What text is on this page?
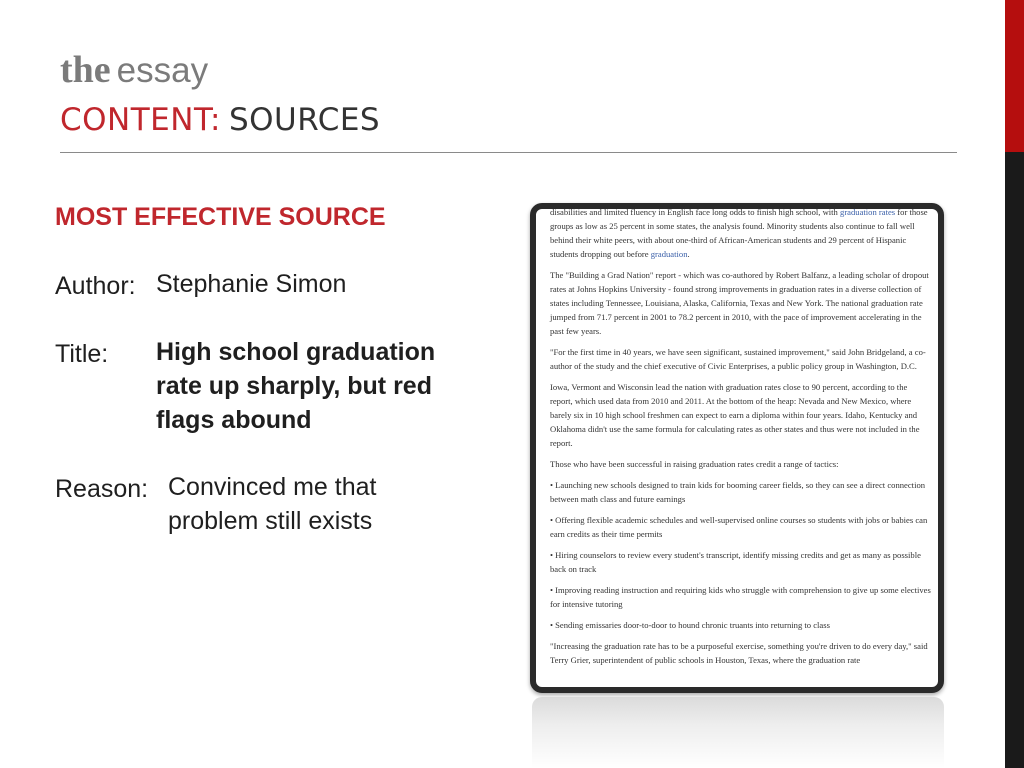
the essay
CONTENT: SOURCES
MOST EFFECTIVE SOURCE
Author: Stephanie Simon
Title: High school graduation rate up sharply, but red flags abound
Reason: Convinced me that problem still exists

disabilities and limited fluency in English face long odds to finish high school, with graduation rates for those groups as low as 25 percent in some states, the analysis found. Minority students also continue to fall well behind their white peers, with about one-third of African-American students and 29 percent of Hispanic students dropping out before graduation.

The "Building a Grad Nation" report - which was co-authored by Robert Balfanz, a leading scholar of dropout rates at Johns Hopkins University - found strong improvements in graduation rates in a diverse collection of states including Tennessee, Louisiana, Alaska, California, Texas and New York. The national graduation rate jumped from 71.7 percent in 2001 to 78.2 percent in 2010, with the pace of improvement accelerating in the past few years.

"For the first time in 40 years, we have seen significant, sustained improvement," said John Bridgeland, a co-author of the study and the chief executive of Civic Enterprises, a public policy group in Washington, D.C.

Iowa, Vermont and Wisconsin lead the nation with graduation rates close to 90 percent, according to the report, which used data from 2010 and 2011. At the bottom of the heap: Nevada and New Mexico, where barely six in 10 high school freshmen can expect to earn a diploma within four years. Idaho, Kentucky and Oklahoma didn't use the same formula for calculating rates as other states and thus were not included in the report.

Those who have been successful in raising graduation rates credit a range of tactics:

• Launching new schools designed to train kids for booming career fields, so they can see a direct connection between math class and future earnings

• Offering flexible academic schedules and well-supervised online courses so students with jobs or babies can earn credits as their time permits

• Hiring counselors to review every student's transcript, identify missing credits and get as many as possible back on track

• Improving reading instruction and requiring kids who struggle with comprehension to give up some electives for intensive tutoring

• Sending emissaries door-to-door to hound chronic truants into returning to class

"Increasing the graduation rate has to be a purposeful exercise, something you're driven to do every day," said Terry Grier, superintendent of public schools in Houston, Texas, where the graduation rate
